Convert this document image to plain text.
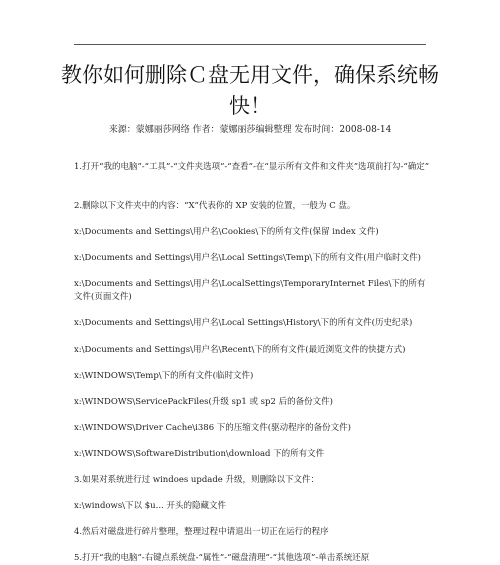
教你如何删除Ｃ盘无用文件，确保系统畅快！
来源：蒙娜丽莎网络 作者：蒙娜丽莎编辑整理 发布时间：2008-08-14

1.打开“我的电脑”-“工具”-“文件夹选项”-“查看”-在“显示所有文件和文件夹”选项前打勾-“确定”

2.删除以下文件夹中的内容：“X”代表你的 XP 安装的位置，一般为 C 盘。

x:\Documents and Settings\用户名\Cookies\下的所有文件(保留 index 文件)

x:\Documents and Settings\用户名\Local Settings\Temp\下的所有文件(用户临时文件)

x:\Documents and Settings\用户名\LocalSettings\TemporaryInternet Files\下的所有文件(页面文件)

x:\Documents and Settings\用户名\Local Settings\History\下的所有文件(历史纪录)

x:\Documents and Settings\用户名\Recent\下的所有文件(最近浏览文件的快捷方式)

x:\WINDOWS\Temp\下的所有文件(临时文件)

x:\WINDOWS\ServicePackFiles(升级 sp1 或 sp2 后的备份文件)

x:\WINDOWS\Driver Cache\i386 下的压缩文件(驱动程序的备份文件)

x:\WINDOWS\SoftwareDistribution\download 下的所有文件

3.如果对系统进行过 windoes updade 升级，则删除以下文件：

x:\windows\下以 $u... 开头的隐藏文件

4.然后对磁盘进行碎片整理，整理过程中请退出一切正在运行的程序

5.打开“我的电脑”-右键点系统盘-“属性”-“磁盘清理”-“其他选项”-单击系统还原
